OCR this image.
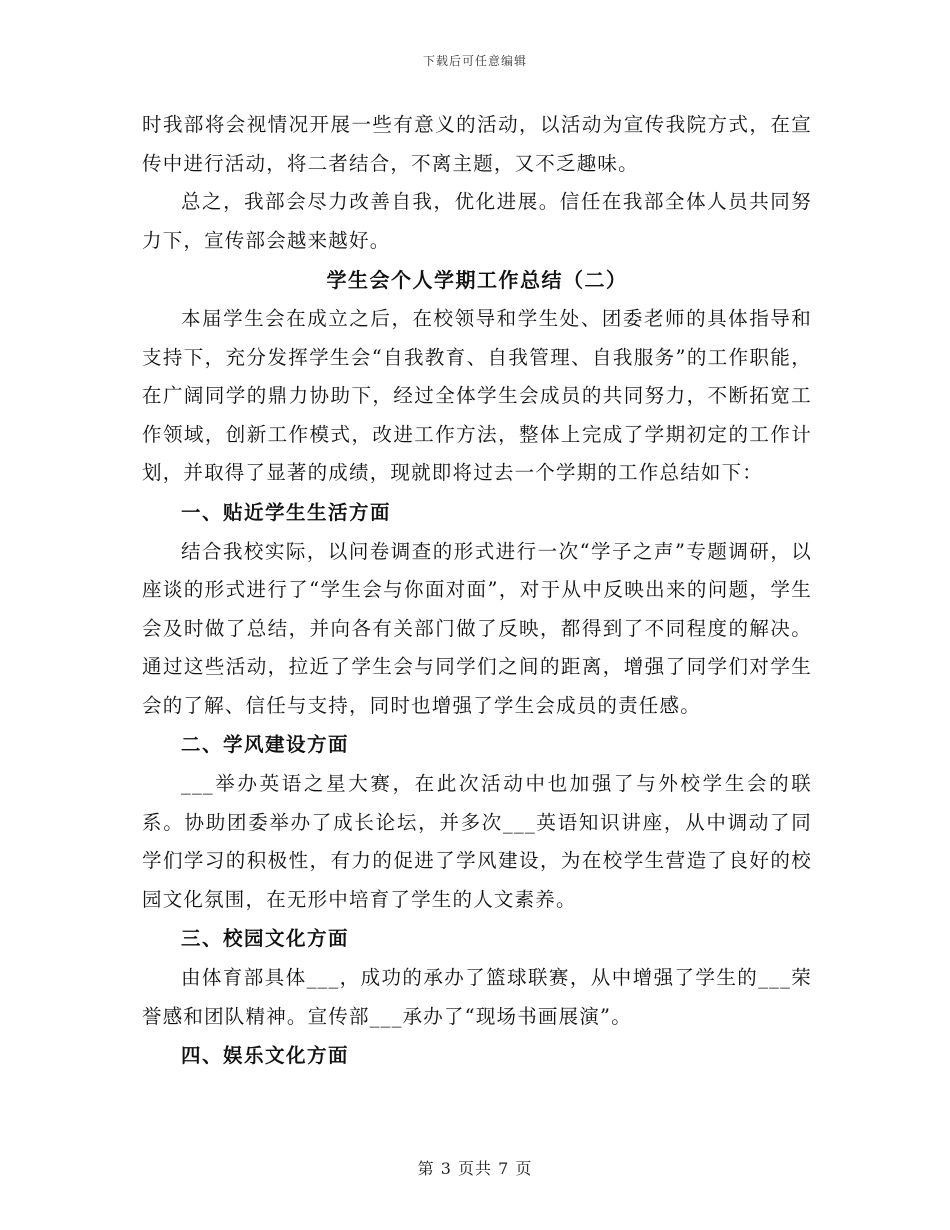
下载后可任意编辑

时我部将会视情况开展一些有意义的活动，以活动为宣传我院方式，在宣传中进行活动，将二者结合，不离主题，又不乏趣味。

总之，我部会尽力改善自我，优化进展。信任在我部全体人员共同努力下，宣传部会越来越好。

学生会个人学期工作总结（二）

本届学生会在成立之后，在校领导和学生处、团委老师的具体指导和支持下，充分发挥学生会“自我教育、自我管理、自我服务”的工作职能，在广阔同学的鼎力协助下，经过全体学生会成员的共同努力，不断拓宽工作领域，创新工作模式，改进工作方法，整体上完成了学期初定的工作计划，并取得了显著的成绩，现就即将过去一个学期的工作总结如下：

一、贴近学生生活方面

结合我校实际，以问卷调查的形式进行一次“学子之声”专题调研，以座谈的形式进行了“学生会与你面对面”，对于从中反映出来的问题，学生会及时做了总结，并向各有关部门做了反映，都得到了不同程度的解决。通过这些活动，拉近了学生会与同学们之间的距离，增强了同学们对学生会的了解、信任与支持，同时也增强了学生会成员的责任感。

二、学风建设方面

___举办英语之星大赛，在此次活动中也加强了与外校学生会的联系。协助团委举办了成长论坛，并多次___英语知识讲座，从中调动了同学们学习的积极性，有力的促进了学风建设，为在校学生营造了良好的校园文化氛围，在无形中培育了学生的人文素养。

三、校园文化方面

由体育部具体___，成功的承办了篮球联赛，从中增强了学生的___荣誉感和团队精神。宣传部___承办了“现场书画展演”。

四、娱乐文化方面
第 3 页共 7 页
